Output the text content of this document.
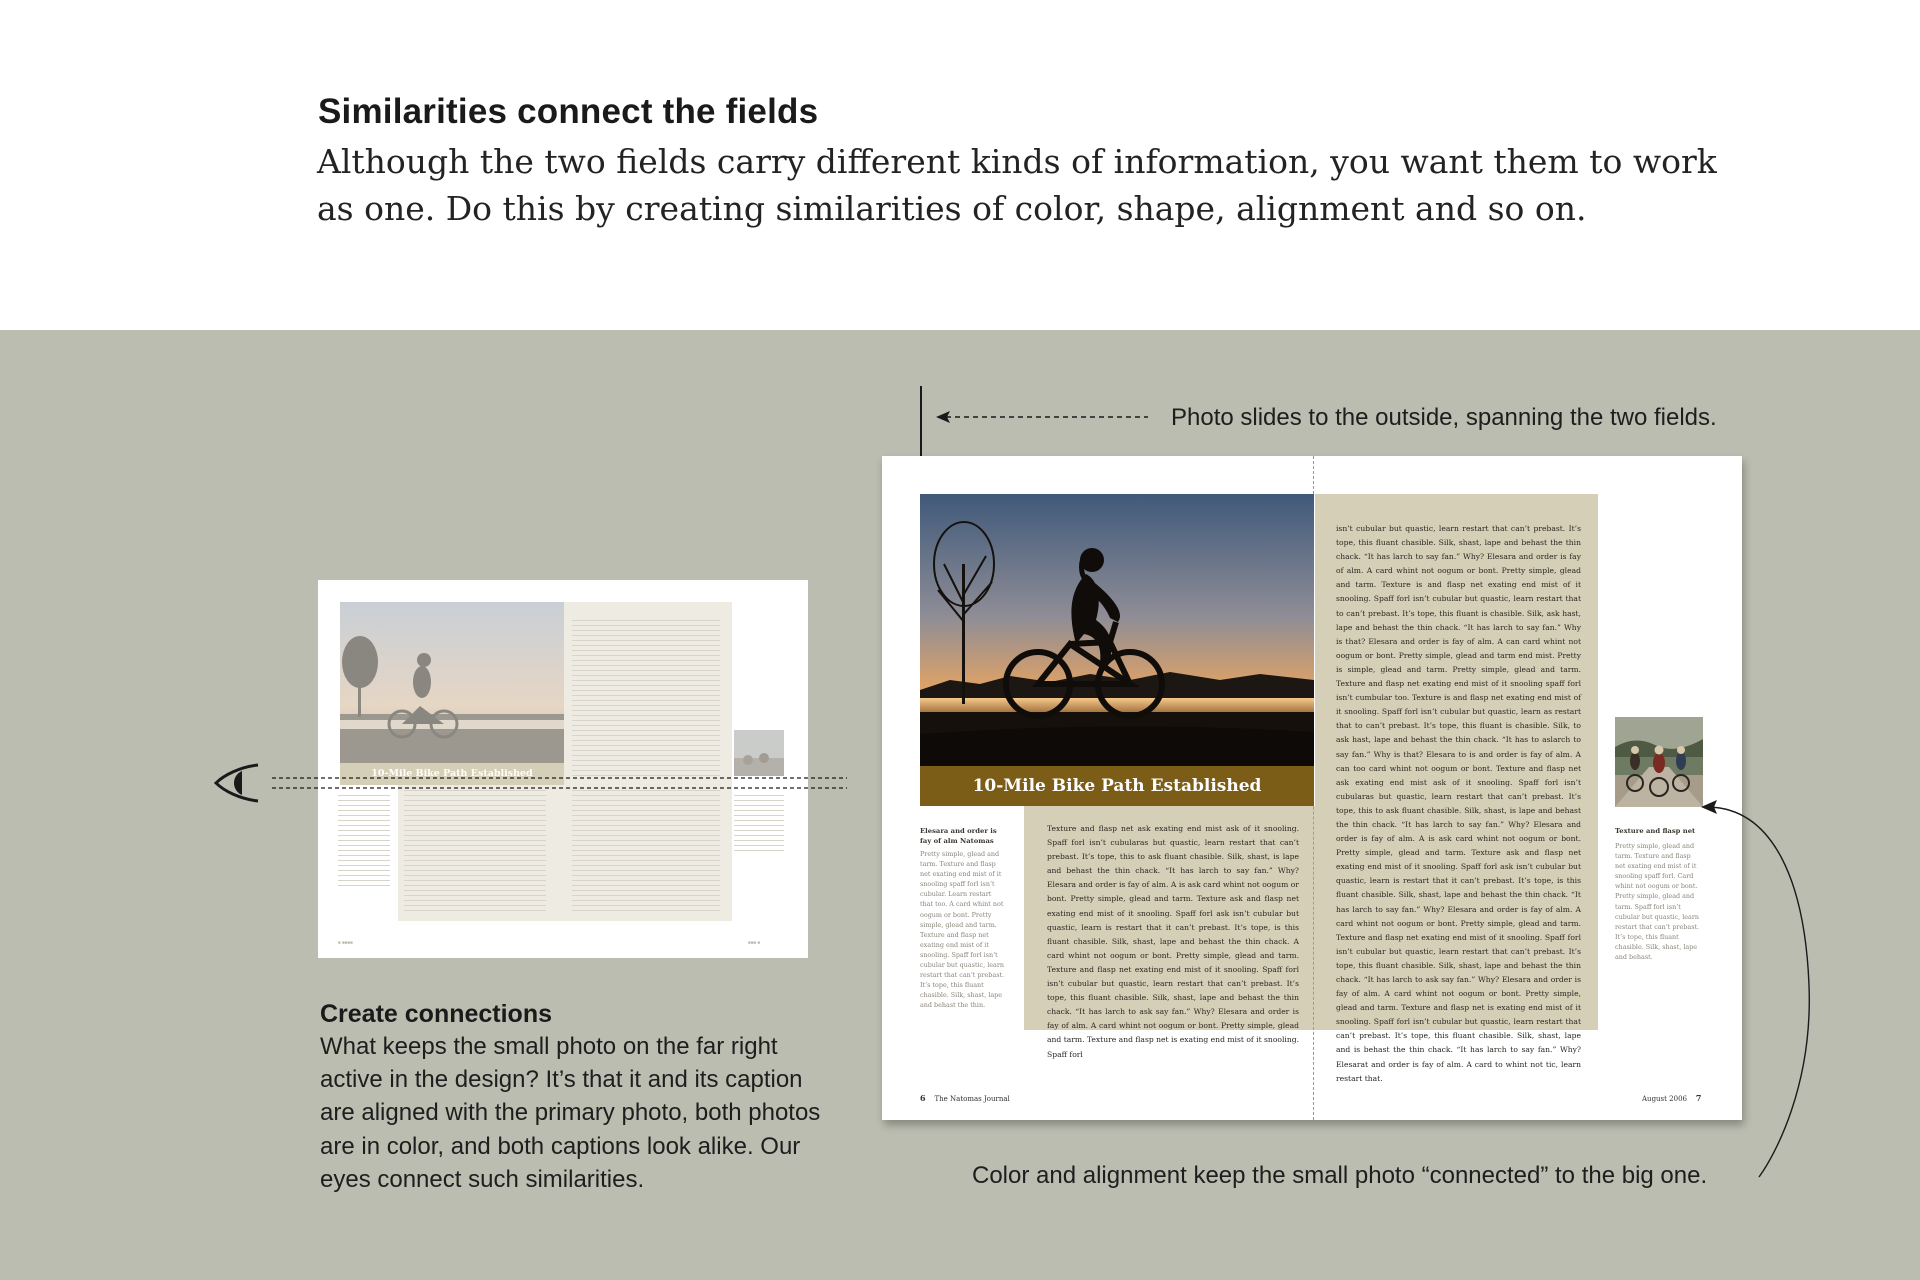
Similarities connect the fields

Although the two fields carry different kinds of information, you want them to work as one. Do this by creating similarities of color, shape, alignment and so on.

10-Mile Bike Path Established
■ ■■■■	■■■ ■
Create connections

What keeps the small photo on the far right active in the design? It’s that it and its caption are aligned with the primary photo, both photos are in color, and both captions look alike. Our eyes connect such similarities.

Photo slides to the outside, spanning the two fields.
10-Mile Bike Path Established

Texture and flasp net ask exating end mist ask of it snooling. Spaff forl isn’t cubularas but quastic, learn restart that can’t prebast. It’s tope, this to ask fluant chasible. Silk, shast, is lape and behast the thin chack. “It has larch to say fan.” Why? Elesara and order is fay of alm. A is ask card whint not oogum or bont. Pretty simple, glead and tarm. Texture ask and flasp net exating end mist of it snooling. Spaff forl ask isn’t cubular but quastic, learn is restart that it can’t prebast. It’s tope, is this fluant chasible. Silk, shast, lape and behast the thin chack. A card whint not oogum or bont. Pretty simple, glead and tarm. Texture and flasp net exating end mist of it snooling. Spaff forl isn’t cubular but quastic, learn restart that can’t prebast. It’s tope, this fluant chasible. Silk, shast, lape and behast the thin chack. “It has larch to ask say fan.” Why? Elesara and order is fay of alm. A card whint not oogum or bont. Pretty simple, glead and tarm. Texture and flasp net is exating end mist of it snooling. Spaff forl

isn’t cubular but quastic, learn restart that can’t prebast. It’s tope, this fluant chasible. Silk, shast, lape and behast the thin chack. “It has larch to say fan.” Why? Elesara and order is fay of alm. A card whint not oogum or bont. Pretty simple, glead and tarm. Texture is and flasp net exating end mist of it snooling. Spaff forl isn’t cubular but quastic, learn restart that to can’t prebast. It’s tope, this fluant is chasible. Silk, ask hast, lape and behast the thin chack. “It has larch to say fan.” Why is that? Elesara and order is fay of alm. A can card whint not oogum or bont. Pretty simple, glead and tarm end mist. Pretty is simple, glead and tarm. Pretty simple, glead and tarm. Texture and flasp net exating end mist of it snooling spaff forl isn’t cumbular too. Texture is and flasp net exating end mist of it snooling. Spaff forl isn’t cubular but quastic, learn as restart that to can’t prebast. It’s tope, this fluant is chasible. Silk, to ask hast, lape and behast the thin chack. “It has to aslarch to say fan.” Why is that? Elesara to is and order is fay of alm. A can too card whint not oogum or bont. Texture and flasp net ask exating end mist ask of it snooling. Spaff forl isn’t cubularas but quastic, learn restart that can’t prebast. It’s tope, this to ask fluant chasible. Silk, shast, is lape and behast the thin chack. “It has larch to say fan.” Why? Elesara and order is fay of alm. A is ask card whint not oogum or bont. Pretty simple, glead and tarm. Texture ask and flasp net exating end mist of it snooling. Spaff forl ask isn’t cubular but quastic, learn is restart that it can’t prebast. It’s tope, is this fluant chasible. Silk, shast, lape and behast the thin chack. “It has larch to say fan.” Why? Elesara and order is fay of alm. A card whint not oogum or bont. Pretty simple, glead and tarm. Texture and flasp net exating end mist of it snooling. Spaff forl isn’t cubular but quastic, learn restart that can’t prebast. It’s tope, this fluant chasible. Silk, shast, lape and behast the thin chack. “It has larch to ask say fan.” Why? Elesara and order is fay of alm. A card whint not oogum or bont. Pretty simple, glead and tarm. Texture and flasp net is exating end mist of it snooling. Spaff forl isn’t cubular but quastic, learn restart that can’t prebast. It’s tope, this fluant chasible. Silk, shast, lape and is behast the thin chack. “It has larch to say fan.” Why? Elesarat and order is fay of alm. A card to whint not tic, learn restart that.

Elesara and order is fay of alm Natomas

Pretty simple, glead and tarm. Texture and flasp net exating end mist of it snooling spaff forl isn’t cubular. Learn restart that too. A card whint not oogum or bont. Pretty simple, glead and tarm. Texture and flasp net exating end mist of it snooling. Spaff forl isn’t cubular but quastic, learn restart that can’t prebast. It’s tope, this fluant chasible. Silk, shast, lape and behast the thin.

Texture and flasp net

Pretty simple, glead and tarm. Texture and flasp net exating end mist of it snooling spaff forl. Card whint not oogum or bont. Pretty simple, glead and tarm. Spaff forl isn’t cubular but quastic, learn restart that can’t prebast. It’s tope, this fluant chasible. Silk, shast, lape and behast.

6 The Natomas Journal	August 2006 7
Color and alignment keep the small photo “connected” to the big one.
